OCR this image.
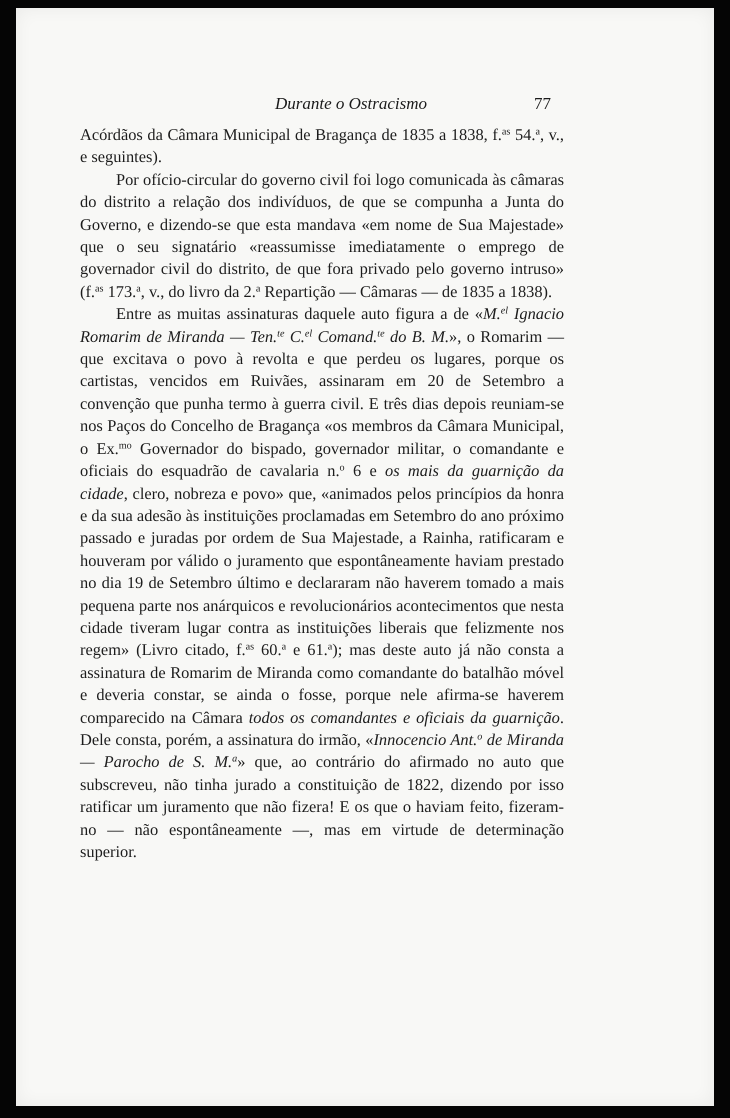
Durante o Ostracismo	77

Acórdãos da Câmara Municipal de Bragança de 1835 a 1838, f.$^{as}$ 54.$^a$, v., e seguintes).

Por ofício-circular do governo civil foi logo comunicada às câmaras do distrito a relação dos indivíduos, de que se compunha a Junta do Governo, e dizendo-se que esta mandava «em nome de Sua Majestade» que o seu signatário «reassumisse imediatamente o emprego de governador civil do distrito, de que fora privado pelo governo intruso» (f.$^{as}$ 173.$^a$, v., do livro da 2.$^a$ Repartição — Câmaras — de 1835 a 1838).

Entre as muitas assinaturas daquele auto figura a de «M.$^{el}$ Ignacio Romarim de Miranda — Ten.$^{te}$ C.$^{el}$ Comand.$^{te}$ do B. M.», o Romarim — que excitava o povo à revolta e que perdeu os lugares, porque os cartistas, vencidos em Ruivães, assinaram em 20 de Setembro a convenção que punha termo à guerra civil. E três dias depois reuniam-se nos Paços do Concelho de Bragança «os membros da Câmara Municipal, o Ex.$^{mo}$ Governador do bispado, governador militar, o comandante e oficiais do esquadrão de cavalaria n.$^o$ 6 e os mais da guarnição da cidade, clero, nobreza e povo» que, «animados pelos princípios da honra e da sua adesão às instituições proclamadas em Setembro do ano próximo passado e juradas por ordem de Sua Majestade, a Rainha, ratificaram e houveram por válido o juramento que espontâneamente haviam prestado no dia 19 de Setembro último e declararam não haverem tomado a mais pequena parte nos anárquicos e revolucionários acontecimentos que nesta cidade tiveram lugar contra as instituições liberais que felizmente nos regem» (Livro citado, f.$^{as}$ 60.$^a$ e 61.$^a$); mas deste auto já não consta a assinatura de Romarim de Miranda como comandante do batalhão móvel e deveria constar, se ainda o fosse, porque nele afirma-se haverem comparecido na Câmara todos os comandantes e oficiais da guarnição. Dele consta, porém, a assinatura do irmão, «Innocencio Ant.$^o$ de Miranda — Parocho de S. M.$^a$» que, ao contrário do afirmado no auto que subscreveu, não tinha jurado a constituição de 1822, dizendo por isso ratificar um juramento que não fizera! E os que o haviam feito, fizeram-no — não espontâneamente —, mas em virtude de determinação superior.
